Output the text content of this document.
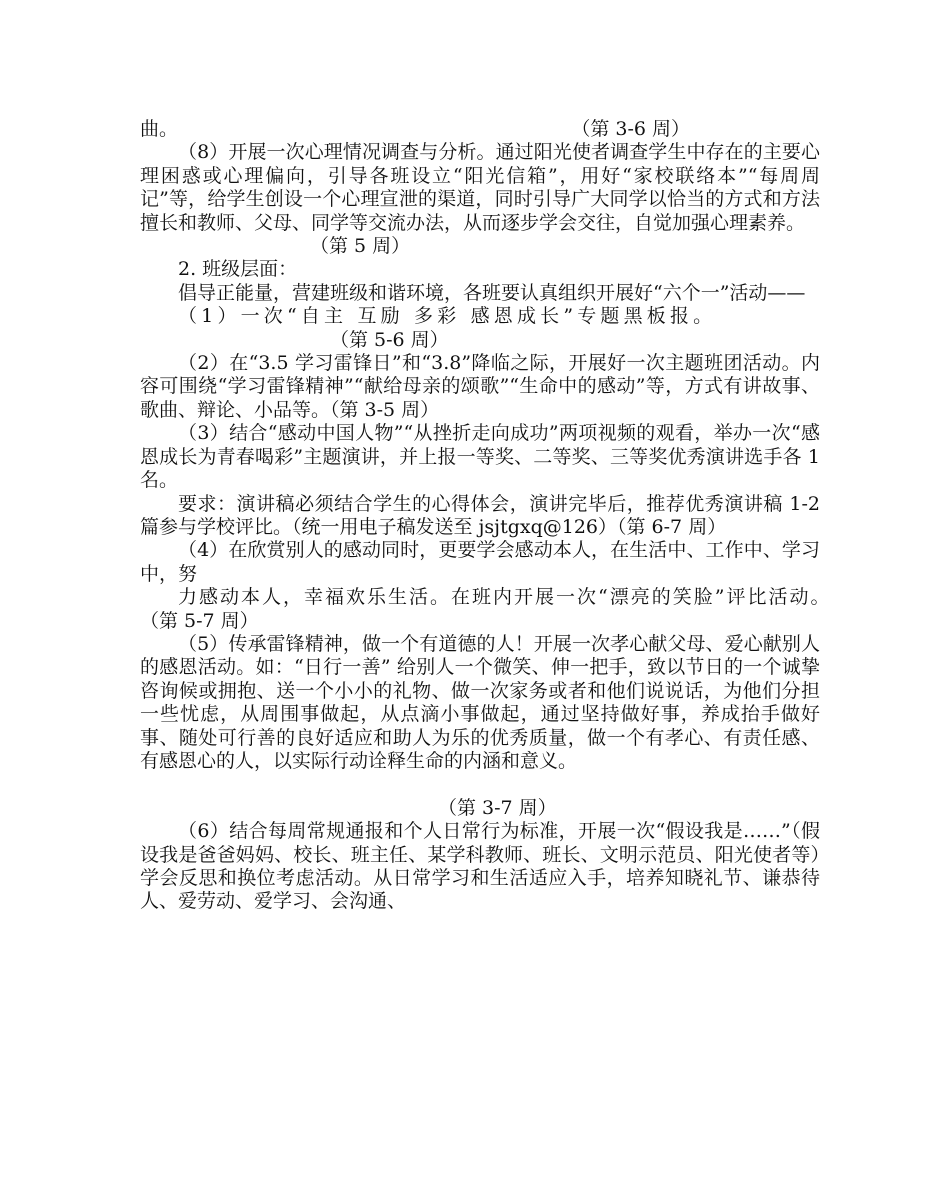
曲。	（第 3-6 周）

（8）开展一次心理情况调查与分析。通过阳光使者调查学生中存在的主要心理困惑或心理偏向，引导各班设立“阳光信箱”，用好“家校联络本”“每周周记”等，给学生创设一个心理宣泄的渠道，同时引导广大同学以恰当的方式和方法擅长和教师、父母、同学等交流办法，从而逐步学会交往，自觉加强心理素养。

（第 5 周）

2. 班级层面：

倡导正能量，营建班级和谐环境，各班要认真组织开展好“六个一”活动——

（1）一次“自主 互励 多彩 感恩成长”专题黑板报。

（第 5-6 周）

（2）在“3.5 学习雷锋日”和“3.8”降临之际，开展好一次主题班团活动。内容可围绕“学习雷锋精神”“献给母亲的颂歌”“生命中的感动”等，方式有讲故事、歌曲、辩论、小品等。（第 3-5 周）

（3）结合“感动中国人物”“从挫折走向成功”两项视频的观看，举办一次“感恩成长为青春喝彩”主题演讲，并上报一等奖、二等奖、三等奖优秀演讲选手各 1 名。

要求：演讲稿必须结合学生的心得体会，演讲完毕后，推荐优秀演讲稿 1-2 篇参与学校评比。（统一用电子稿发送至 jsjtgxq@126）（第 6-7 周）

（4）在欣赏别人的感动同时，更要学会感动本人，在生活中、工作中、学习中，努

力感动本人，幸福欢乐生活。在班内开展一次“漂亮的笑脸”评比活动。　　（第 5-7 周）

（5）传承雷锋精神，做一个有道德的人！开展一次孝心献父母、爱心献别人的感恩活动。如：“日行一善” 给别人一个微笑、伸一把手，致以节日的一个诚挚咨询候或拥抱、送一个小小的礼物、做一次家务或者和他们说说话，为他们分担一些忧虑，从周围事做起，从点滴小事做起，通过坚持做好事，养成抬手做好事、随处可行善的良好适应和助人为乐的优秀质量，做一个有孝心、有责任感、有感恩心的人，以实际行动诠释生命的内涵和意义。

（第 3-7 周）

（6）结合每周常规通报和个人日常行为标准，开展一次“假设我是……”（假设我是爸爸妈妈、校长、班主任、某学科教师、班长、文明示范员、阳光使者等）学会反思和换位考虑活动。从日常学习和生活适应入手，培养知晓礼节、谦恭待人、爱劳动、爱学习、会沟通、
